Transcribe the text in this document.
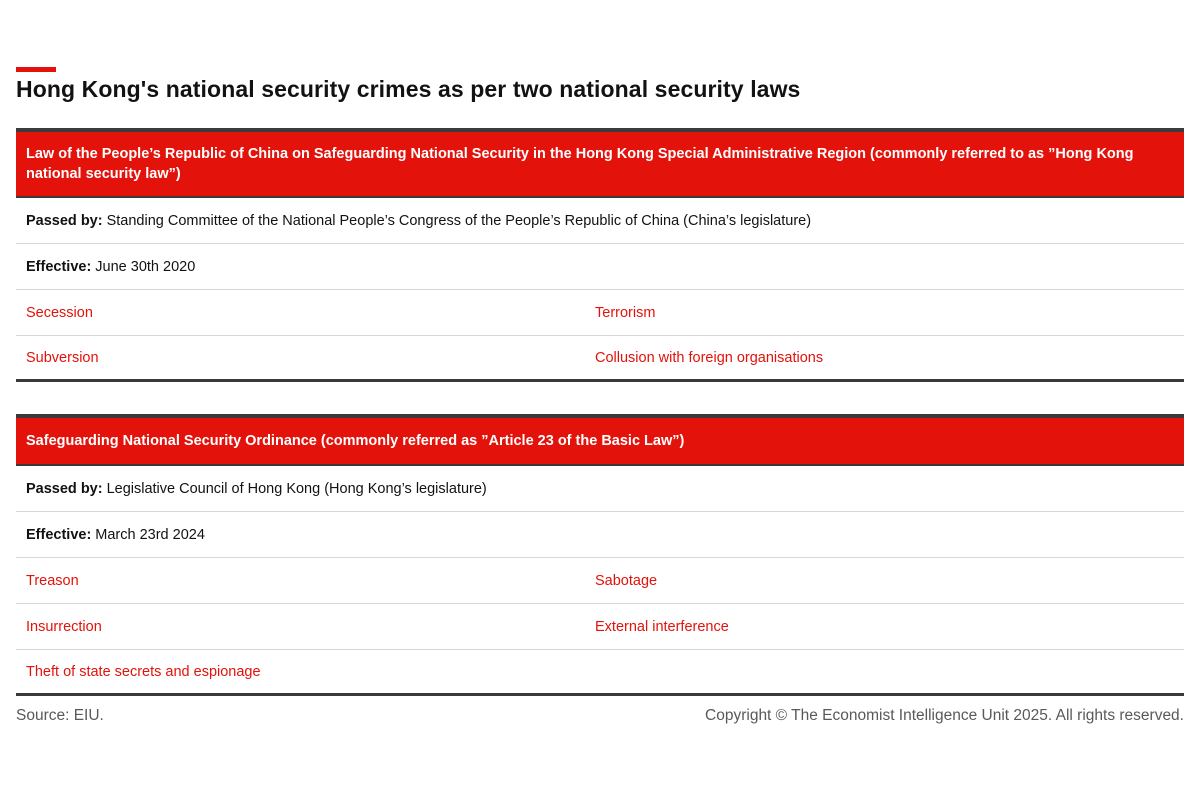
Hong Kong's national security crimes as per two national security laws
Law of the People’s Republic of China on Safeguarding National Security in the Hong Kong Special Administrative Region (commonly referred to as ”Hong Kong national security law”)
Passed by: Standing Committee of the National People’s Congress of the People’s Republic of China (China’s legislature)
Effective: June 30th 2020
Secession	Terrorism
Subversion	Collusion with foreign organisations
Safeguarding National Security Ordinance (commonly referred as ”Article 23 of the Basic Law”)
Passed by: Legislative Council of Hong Kong (Hong Kong’s legislature)
Effective: March 23rd 2024
Treason	Sabotage
Insurrection	External interference
Theft of state secrets and espionage
Source: EIU.	Copyright © The Economist Intelligence Unit 2025. All rights reserved.
